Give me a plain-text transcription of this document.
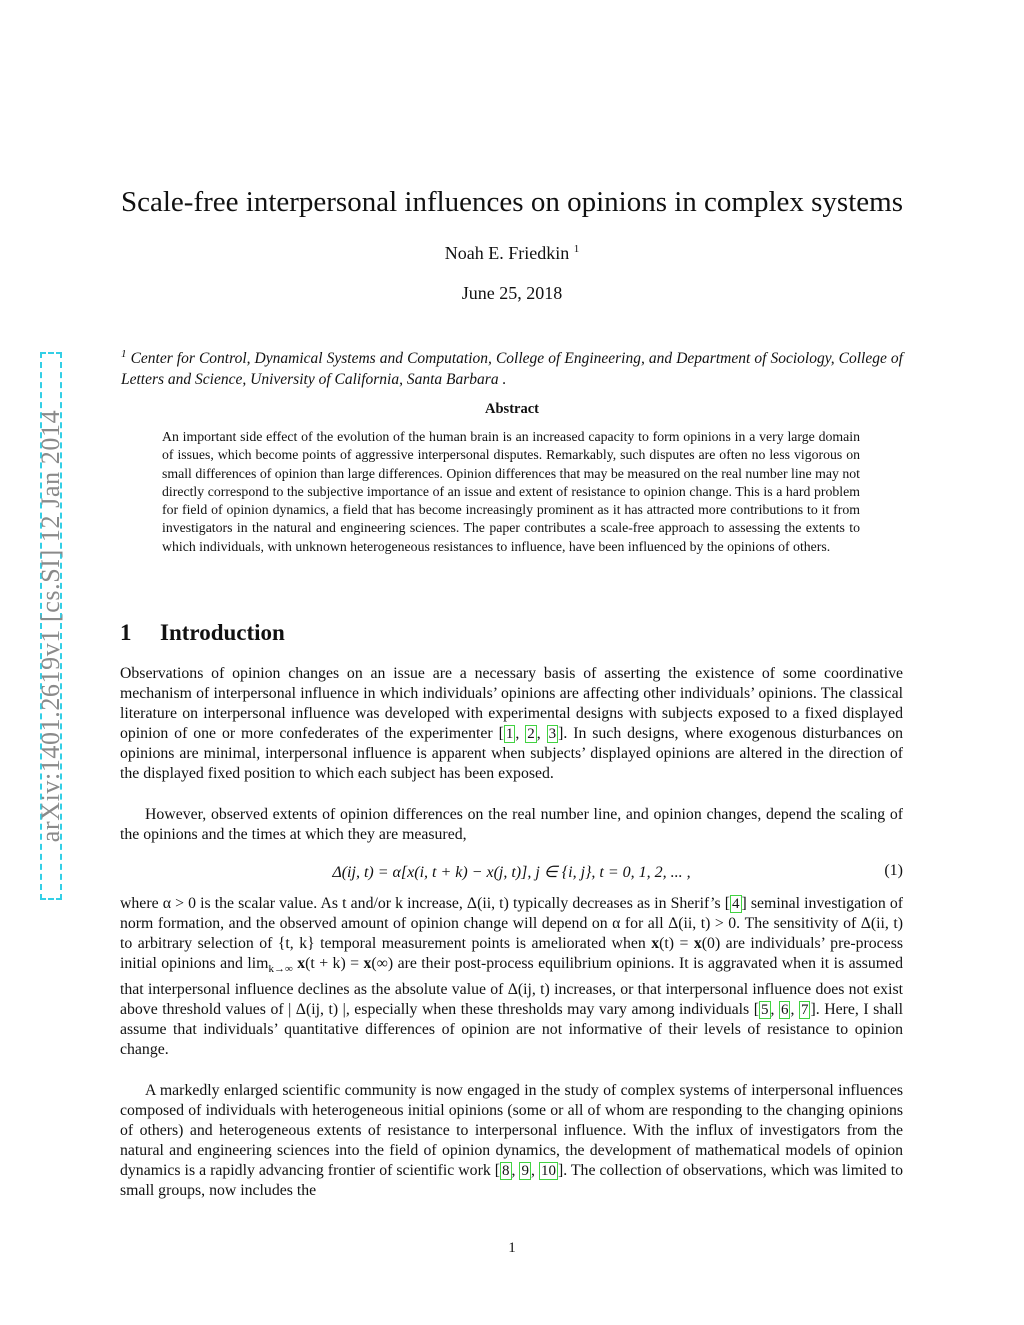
arXiv:1401.2619v1 [cs.SI] 12 Jan 2014
Scale-free interpersonal influences on opinions in complex systems
Noah E. Friedkin $^1$
June 25, 2018
$^1$ Center for Control, Dynamical Systems and Computation, College of Engineering, and Department of Sociology, College of Letters and Science, University of California, Santa Barbara .
Abstract
An important side effect of the evolution of the human brain is an increased capacity to form opinions in a very large domain of issues, which become points of aggressive interpersonal disputes. Remarkably, such disputes are often no less vigorous on small differences of opinion than large differences. Opinion differences that may be measured on the real number line may not directly correspond to the subjective importance of an issue and extent of resistance to opinion change. This is a hard problem for field of opinion dynamics, a field that has become increasingly prominent as it has attracted more contributions to it from investigators in the natural and engineering sciences. The paper contributes a scale-free approach to assessing the extents to which individuals, with unknown heterogeneous resistances to influence, have been influenced by the opinions of others.
1 Introduction

Observations of opinion changes on an issue are a necessary basis of asserting the existence of some coordinative mechanism of interpersonal influence in which individuals’ opinions are affecting other individuals’ opinions. The classical literature on interpersonal influence was developed with experimental designs with subjects exposed to a fixed displayed opinion of one or more confederates of the experimenter [ 1 , 2 , 3 ]. In such designs, where exogenous disturbances on opinions are minimal, interpersonal influence is apparent when subjects’ displayed opinions are altered in the direction of the displayed fixed position to which each subject has been exposed.

However, observed extents of opinion differences on the real number line, and opinion changes, depend the scaling of the opinions and the times at which they are measured,

Δ(ij, t) = α[x(i, t + k) − x(j, t)], j ∈ {i, j}, t = 0, 1, 2, ... ,	(1)

where α > 0 is the scalar value. As t and/or k increase, Δ(ii, t) typically decreases as in Sherif’s [ 4 ] seminal investigation of norm formation, and the observed amount of opinion change will depend on α for all Δ(ii, t) > 0. The sensitivity of Δ(ii, t) to arbitrary selection of {t, k} temporal measurement points is ameliorated when x(t) = x(0) are individuals’ pre-process initial opinions and $\lim_{k\to\infty} x(t + k) = x(\infty)$ are their post-process equilibrium opinions. It is aggravated when it is assumed that interpersonal influence declines as the absolute value of Δ(ij, t) increases, or that interpersonal influence does not exist above threshold values of | Δ(ij, t) |, especially when these thresholds may vary among individuals [ 5 , 6 , 7 ]. Here, I shall assume that individuals’ quantitative differences of opinion are not informative of their levels of resistance to opinion change.

A markedly enlarged scientific community is now engaged in the study of complex systems of interpersonal influences composed of individuals with heterogeneous initial opinions (some or all of whom are responding to the changing opinions of others) and heterogeneous extents of resistance to interpersonal influence. With the influx of investigators from the natural and engineering sciences into the field of opinion dynamics, the development of mathematical models of opinion dynamics is a rapidly advancing frontier of scientific work [ 8 , 9 , 10 ]. The collection of observations, which was limited to small groups, now includes the

1
